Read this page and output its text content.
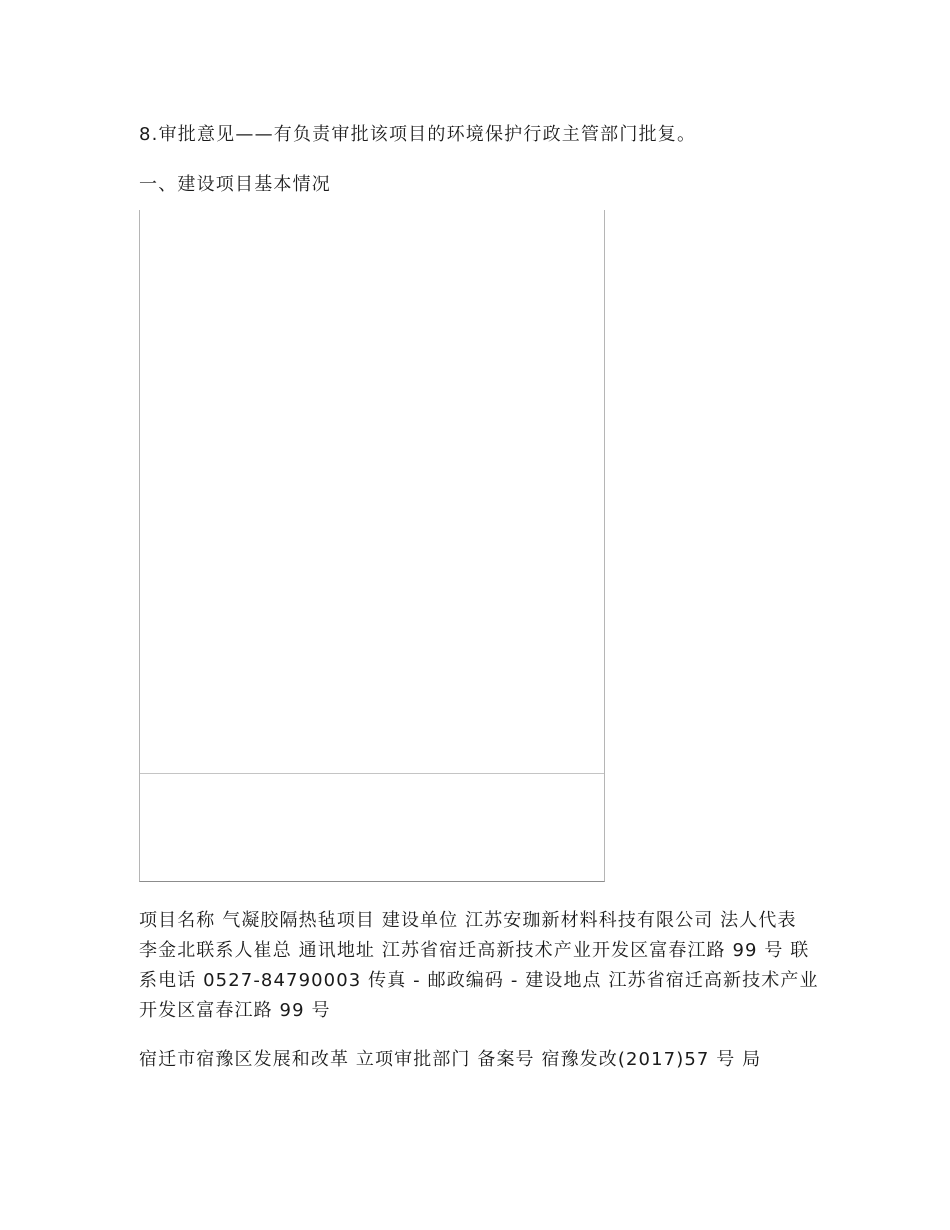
8.审批意见——有负责审批该项目的环境保护行政主管部门批复。

一、建设项目基本情况

项目名称 气凝胶隔热毡项目 建设单位 江苏安珈新材料科技有限公司 法人代表 李金北联系人崔总 通讯地址 江苏省宿迁高新技术产业开发区富春江路 99 号 联系电话 0527-84790003 传真 - 邮政编码 - 建设地点 江苏省宿迁高新技术产业开发区富春江路 99 号

宿迁市宿豫区发展和改革 立项审批部门 备案号 宿豫发改(2017)57 号 局
